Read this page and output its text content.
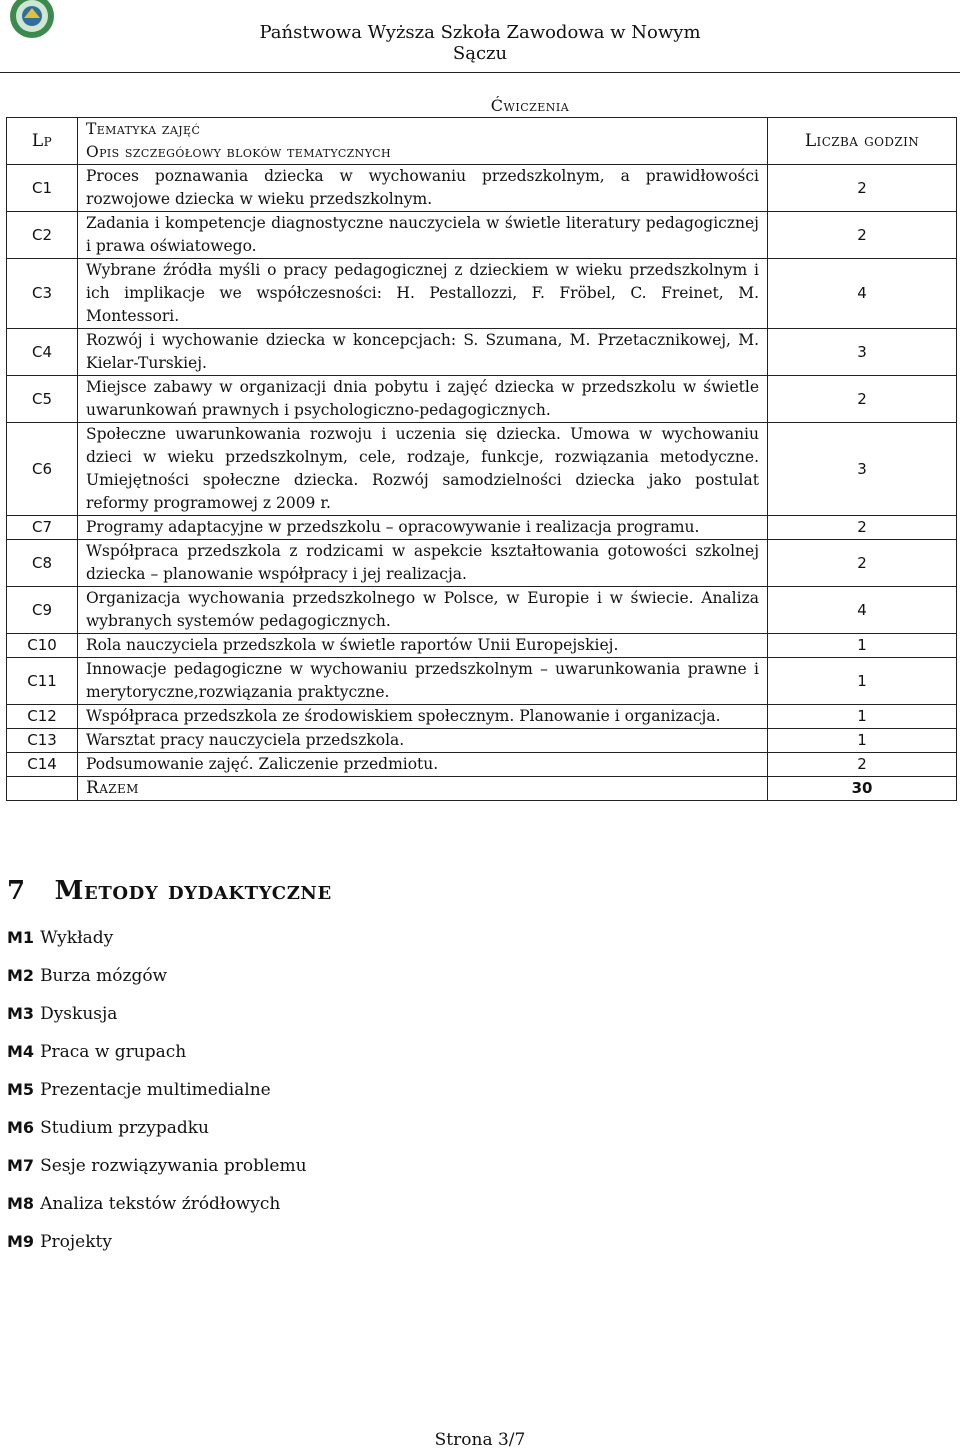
Państwowa Wyższa Szkoła Zawodowa w Nowym Sączu
Ćwiczenia
Lp	Tematyka zajęć	Liczba godzin
	Opis szczegółowy bloków tematycznych	
C1	Proces poznawania dziecka w wychowaniu przedszkolnym, a prawidłowości rozwojowe dziecka w wieku przedszkolnym.	2
C2	Zadania i kompetencje diagnostyczne nauczyciela w świetle literatury pedagogicznej i prawa oświatowego.	2
C3	Wybrane źródła myśli o pracy pedagogicznej z dzieckiem w wieku przedszkolnym i ich implikacje we współczesności: H. Pestallozzi, F. Fröbel, C. Freinet, M. Montessori.	4
C4	Rozwój i wychowanie dziecka w koncepcjach: S. Szumana, M. Przetacznikowej, M. Kielar-Turskiej.	3
C5	Miejsce zabawy w organizacji dnia pobytu i zajęć dziecka w przedszkolu w świetle uwarunkowań prawnych i psychologiczno-pedagogicznych.	2
C6	Społeczne uwarunkowania rozwoju i uczenia się dziecka. Umowa w wychowaniu dzieci w wieku przedszkolnym, cele, rodzaje, funkcje, rozwiązania metodyczne. Umiejętności społeczne dziecka. Rozwój samodzielności dziecka jako postulat reformy programowej z 2009 r.	3
C7	Programy adaptacyjne w przedszkolu – opracowywanie i realizacja programu.	2
C8	Współpraca przedszkola z rodzicami w aspekcie kształtowania gotowości szkolnej dziecka – planowanie współpracy i jej realizacja.	2
C9	Organizacja wychowania przedszkolnego w Polsce, w Europie i w świecie. Analiza wybranych systemów pedagogicznych.	4
C10	Rola nauczyciela przedszkola w świetle raportów Unii Europejskiej.	1
C11	Innowacje pedagogiczne w wychowaniu przedszkolnym – uwarunkowania prawne i merytoryczne,rozwiązania praktyczne.	1
C12	Współpraca przedszkola ze środowiskiem społecznym. Planowanie i organizacja.	1
C13	Warsztat pracy nauczyciela przedszkola.	1
C14	Podsumowanie zajęć. Zaliczenie przedmiotu.	2
	Razem	30
7 Metody dydaktyczne
M1 Wykłady
M2 Burza mózgów
M3 Dyskusja
M4 Praca w grupach
M5 Prezentacje multimedialne
M6 Studium przypadku
M7 Sesje rozwiązywania problemu
M8 Analiza tekstów źródłowych
M9 Projekty
Strona 3/7
